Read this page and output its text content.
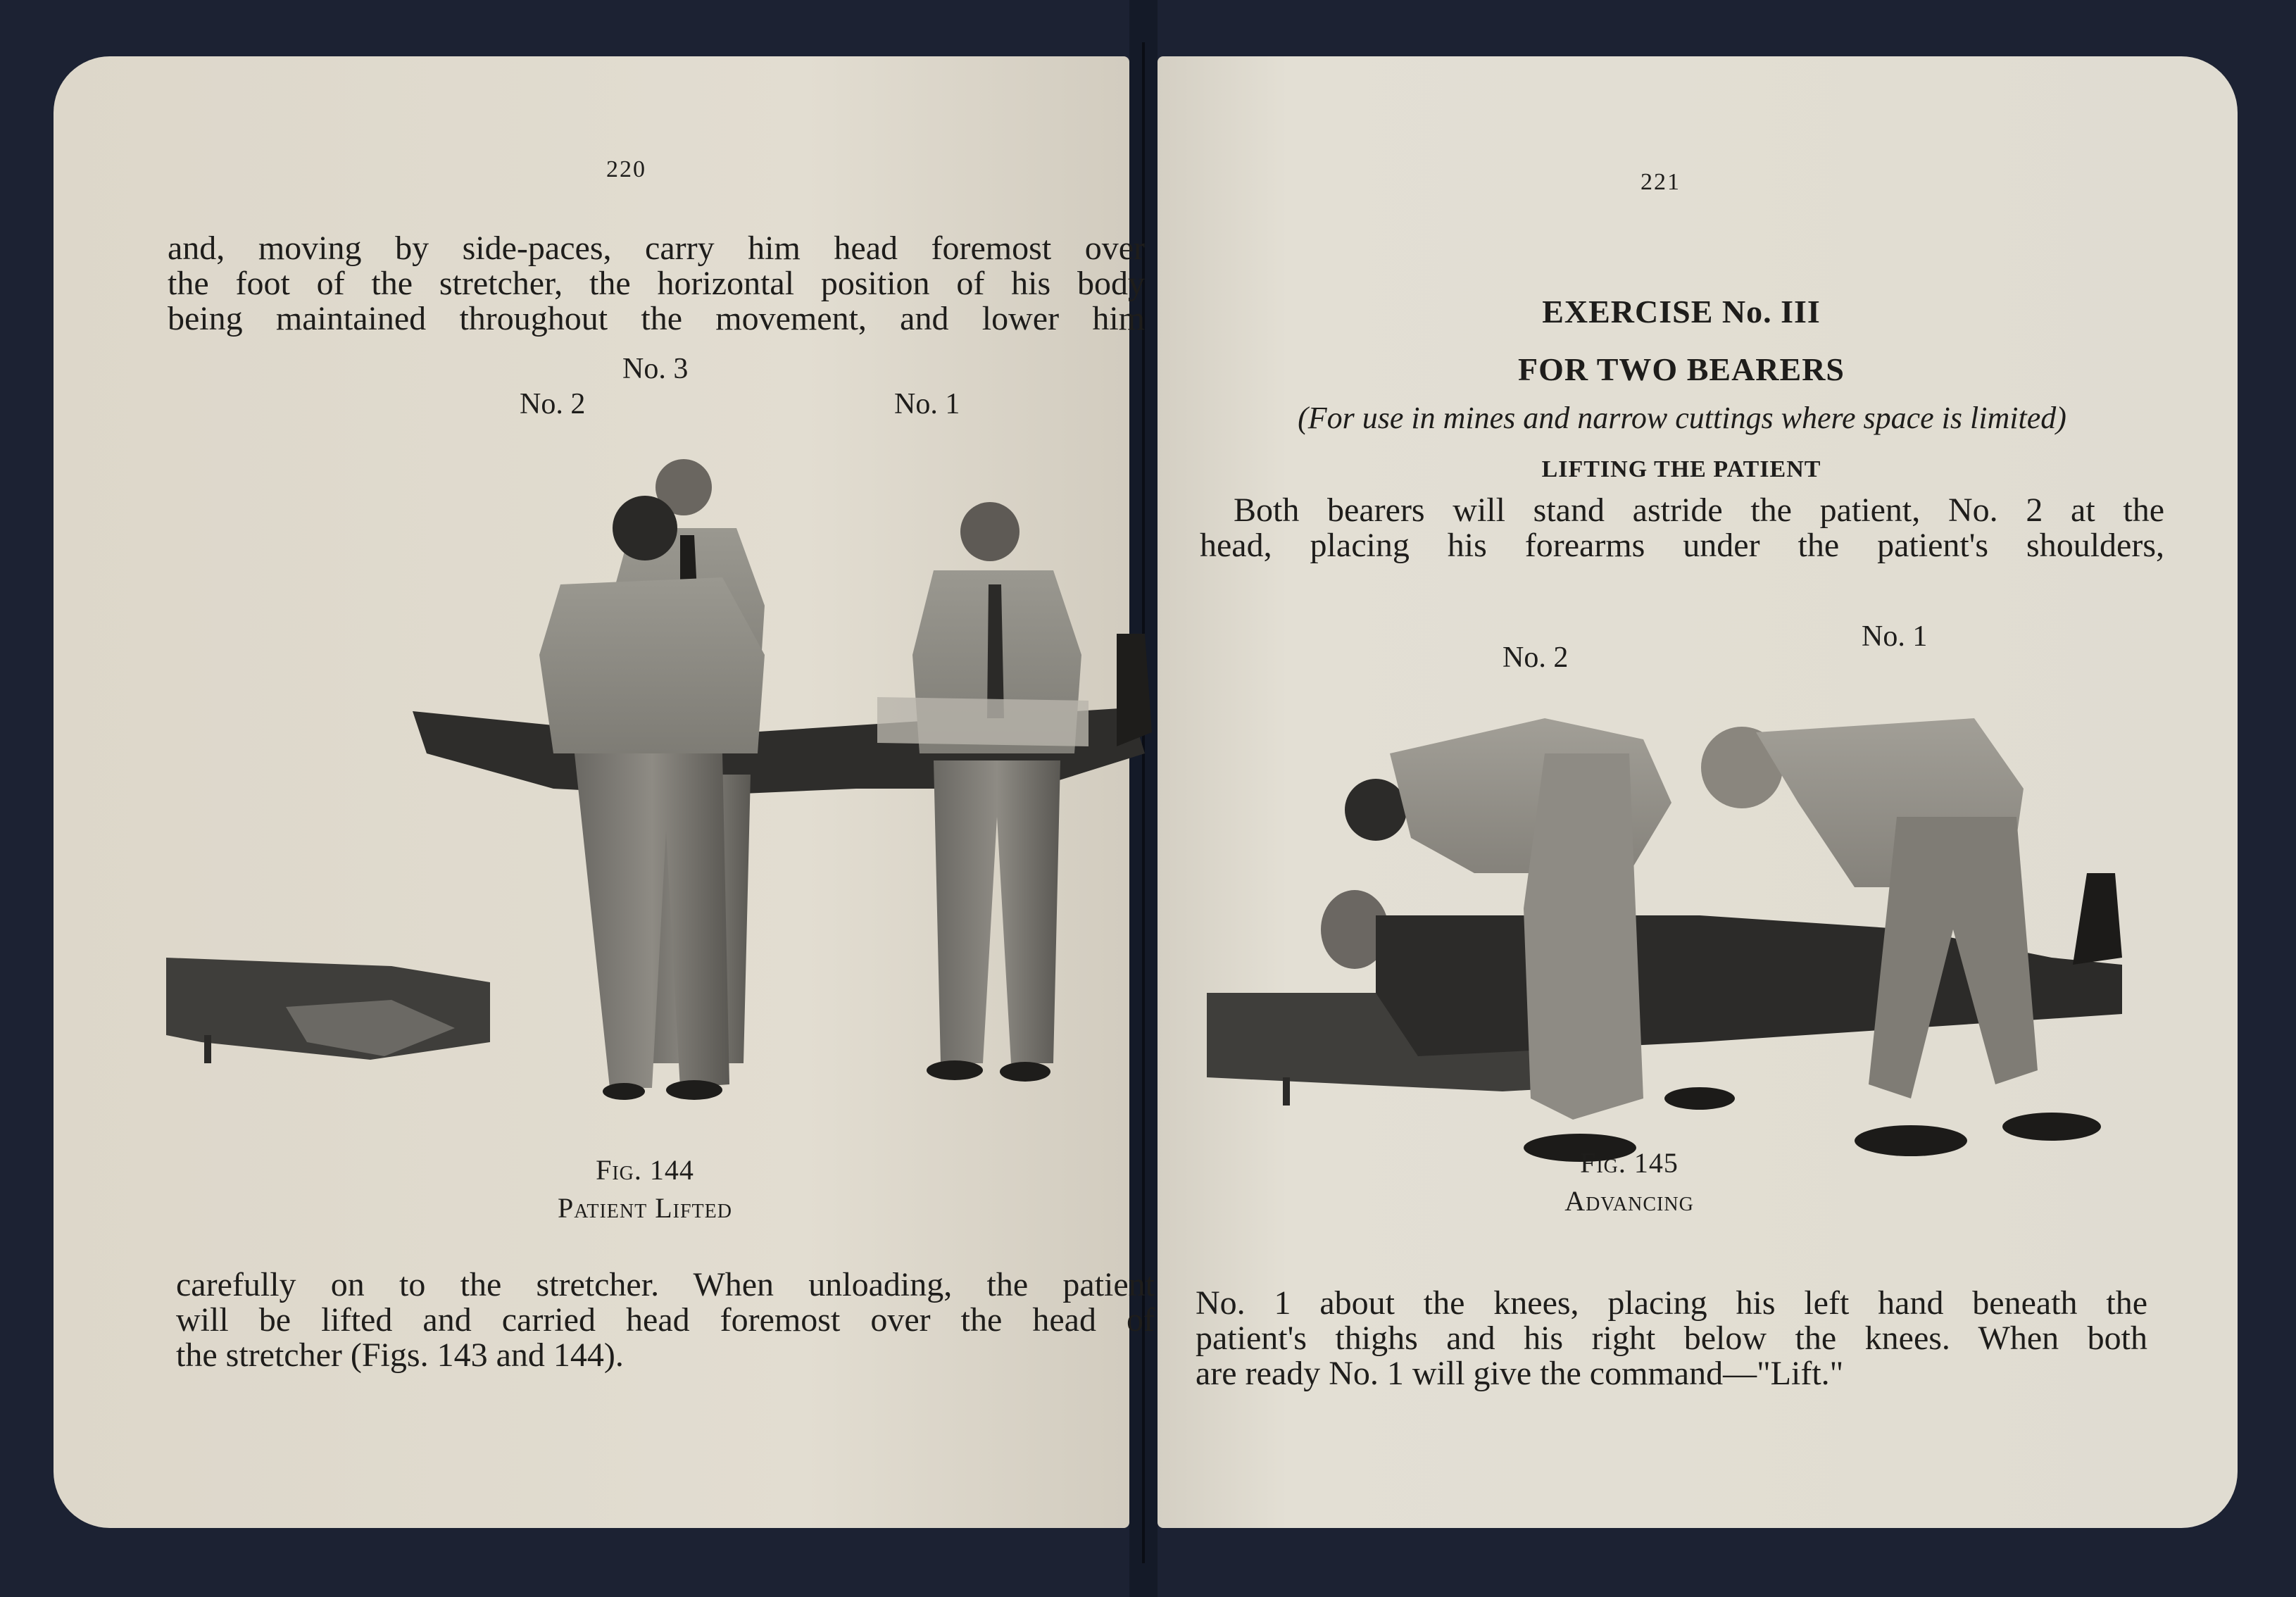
220
and, moving by side-paces, carry him head foremost over
the foot of the stretcher, the horizontal position of his body
being maintained throughout the movement, and lower him
No. 3
No. 2	No. 1
Fig. 144
Patient Lifted
carefully on to the stretcher. When unloading, the patient
will be lifted and carried head foremost over the head of
the stretcher (Figs. 143 and 144).
221
EXERCISE No. III
FOR TWO BEARERS
(For use in mines and narrow cuttings where space is limited)
LIFTING THE PATIENT
Both bearers will stand astride the patient, No. 2 at the
head, placing his forearms under the patient's shoulders,
No. 1
No. 2
Fig. 145
Advancing
No. 1 about the knees, placing his left hand beneath the
patient's thighs and his right below the knees. When both
are ready No. 1 will give the command—"Lift."
